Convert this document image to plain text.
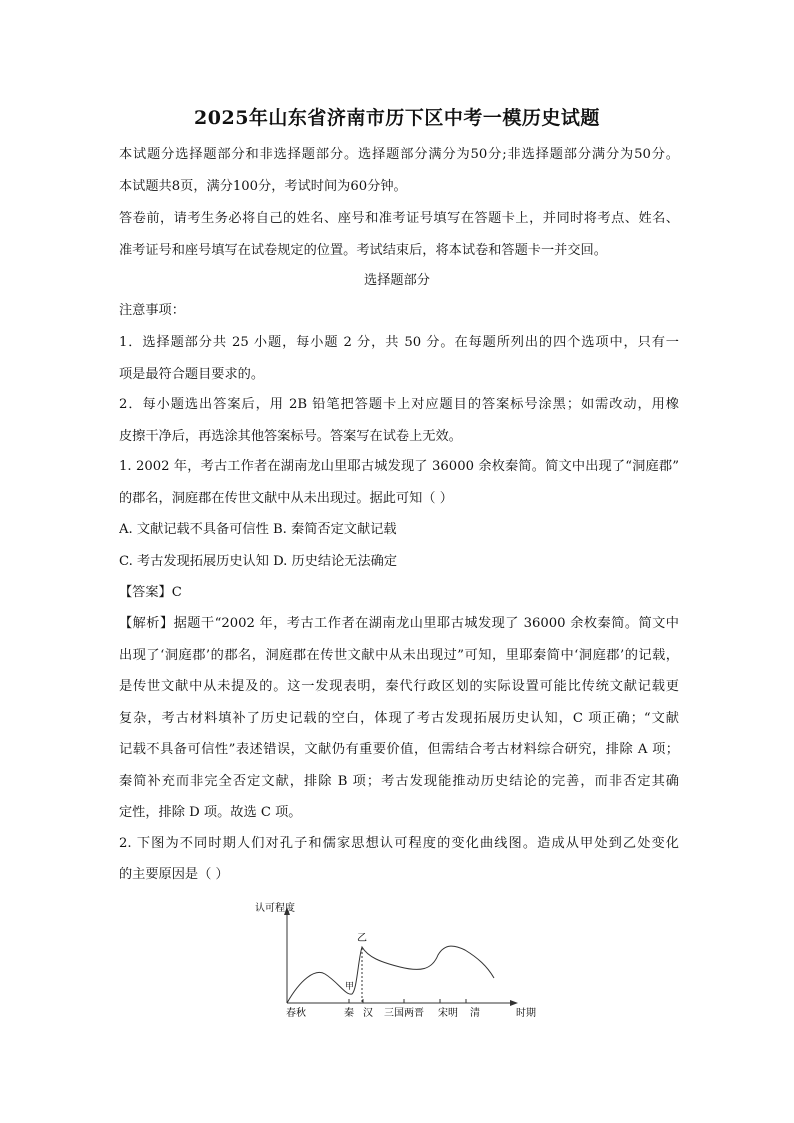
2025年山东省济南市历下区中考一模历史试题
本试题分选择题部分和非选择题部分。选择题部分满分为50分;非选择题部分满分为50分。
本试题共8页，满分100分，考试时间为60分钟。
答卷前，请考生务必将自己的姓名、座号和准考证号填写在答题卡上，并同时将考点、姓名、
准考证号和座号填写在试卷规定的位置。考试结束后，将本试卷和答题卡一并交回。
选择题部分
注意事项：
1．选择题部分共 25 小题，每小题 2 分，共 50 分。在每题所列出的四个选项中，只有一
项是最符合题目要求的。
2．每小题选出答案后，用 2B 铅笔把答题卡上对应题目的答案标号涂黑；如需改动，用橡
皮擦干净后，再选涂其他答案标号。答案写在试卷上无效。
1. 2002 年，考古工作者在湖南龙山里耶古城发现了 36000 余枚秦简。简文中出现了“洞庭郡”
的郡名，洞庭郡在传世文献中从未出现过。据此可知（ ）
A. 文献记载不具备可信性 B. 秦简否定文献记载
C. 考古发现拓展历史认知 D. 历史结论无法确定
【答案】C
【解析】据题干“2002 年，考古工作者在湖南龙山里耶古城发现了 36000 余枚秦简。简文中
出现了‘洞庭郡’的郡名，洞庭郡在传世文献中从未出现过”可知，里耶秦简中‘洞庭郡’的记载，
是传世文献中从未提及的。这一发现表明，秦代行政区划的实际设置可能比传统文献记载更
复杂，考古材料填补了历史记载的空白，体现了考古发现拓展历史认知，C 项正确；“文献
记载不具备可信性”表述错误，文献仍有重要价值，但需结合考古材料综合研究，排除 A 项；
秦简补充而非完全否定文献，排除 B 项；考古发现能推动历史结论的完善，而非否定其确
定性，排除 D 项。故选 C 项。
2. 下图为不同时期人们对孔子和儒家思想认可程度的变化曲线图。造成从甲处到乙处变化
的主要原因是（ ）
认可程度
时期
春秋	秦 汉 三国两晋 宋明 清
甲
乙
